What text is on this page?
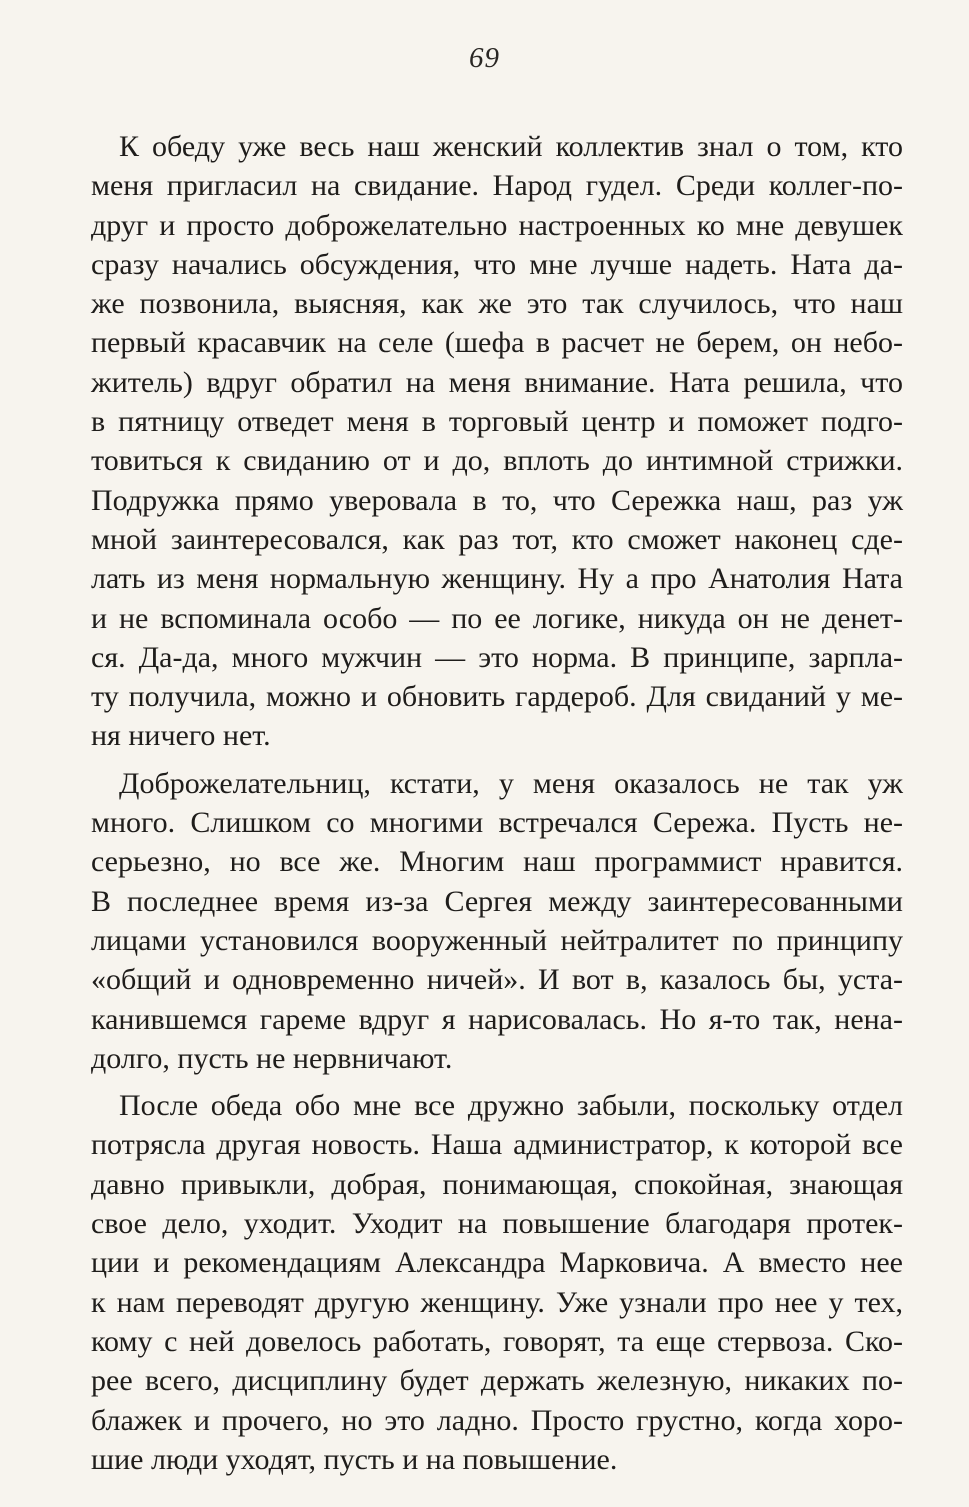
69
К обеду уже весь наш женский коллектив знал о том, кто
меня пригласил на свидание. Народ гудел. Среди коллег-по-
друг и просто доброжелательно настроенных ко мне девушек
сразу начались обсуждения, что мне лучше надеть. Ната да-
же позвонила, выясняя, как же это так случилось, что наш
первый красавчик на селе (шефа в расчет не берем, он небо-
житель) вдруг обратил на меня внимание. Ната решила, что
в пятницу отведет меня в торговый центр и поможет подго-
товиться к свиданию от и до, вплоть до интимной стрижки.
Подружка прямо уверовала в то, что Сережка наш, раз уж
мной заинтересовался, как раз тот, кто сможет наконец сде-
лать из меня нормальную женщину. Ну а про Анатолия Ната
и не вспоминала особо — по ее логике, никуда он не денет-
ся. Да-да, много мужчин — это норма. В принципе, зарпла-
ту получила, можно и обновить гардероб. Для свиданий у ме-
ня ничего нет.
Доброжелательниц, кстати, у меня оказалось не так уж
много. Слишком со многими встречался Сережа. Пусть не-
серьезно, но все же. Многим наш программист нравится.
В последнее время из-за Сергея между заинтересованными
лицами установился вооруженный нейтралитет по принципу
«общий и одновременно ничей». И вот в, казалось бы, уста-
канившемся гареме вдруг я нарисовалась. Но я-то так, нена-
долго, пусть не нервничают.
После обеда обо мне все дружно забыли, поскольку отдел
потрясла другая новость. Наша администратор, к которой все
давно привыкли, добрая, понимающая, спокойная, знающая
свое дело, уходит. Уходит на повышение благодаря протек-
ции и рекомендациям Александра Марковича. А вместо нее
к нам переводят другую женщину. Уже узнали про нее у тех,
кому с ней довелось работать, говорят, та еще стервоза. Ско-
рее всего, дисциплину будет держать железную, никаких по-
блажек и прочего, но это ладно. Просто грустно, когда хоро-
шие люди уходят, пусть и на повышение.
